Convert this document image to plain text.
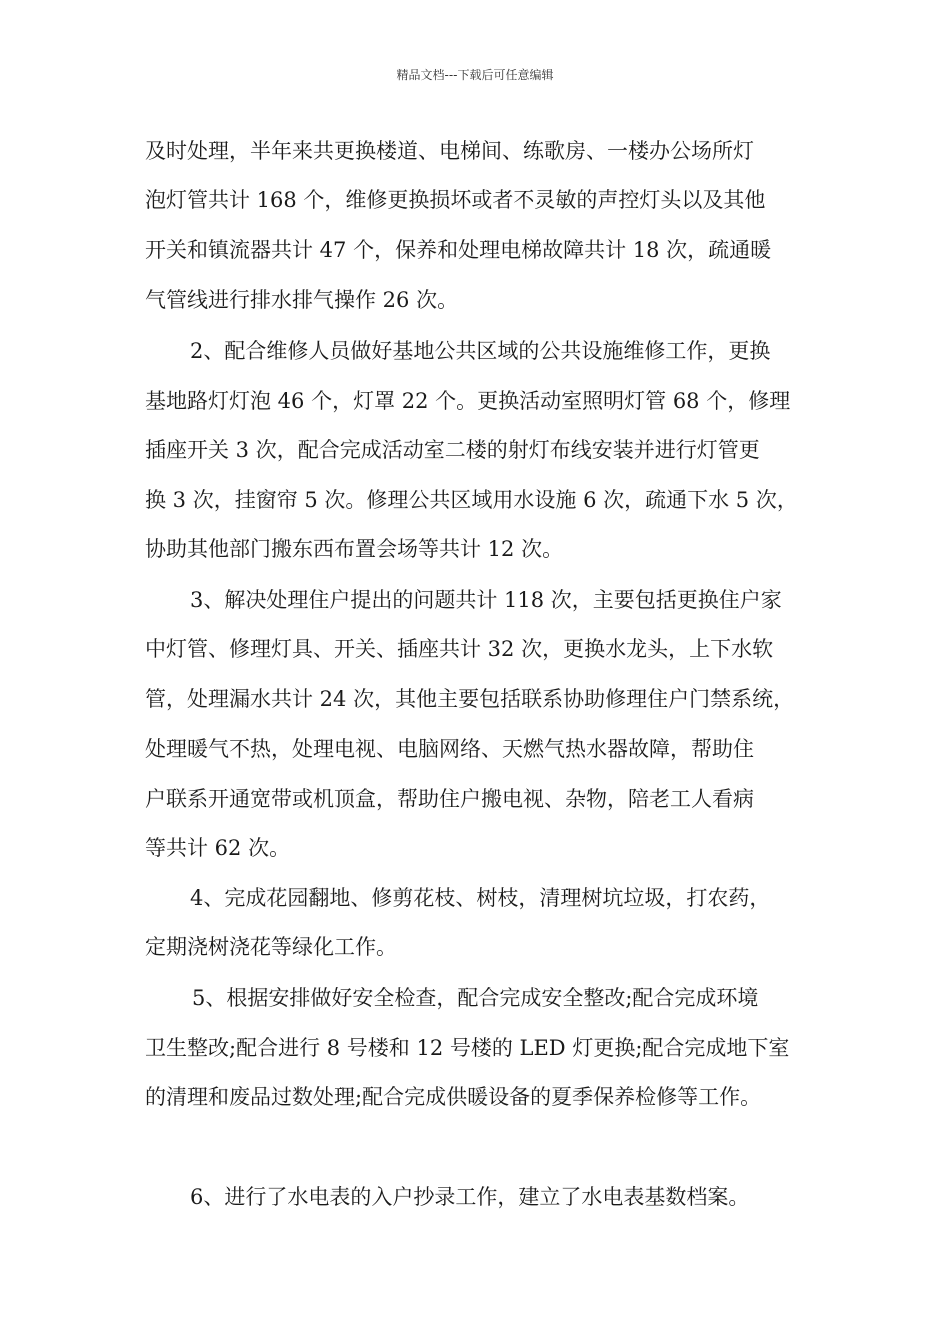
精品文档---下载后可任意编辑
及时处理，半年来共更换楼道、电梯间、练歌房、一楼办公场所灯
泡灯管共计 168 个，维修更换损坏或者不灵敏的声控灯头以及其他
开关和镇流器共计 47 个，保养和处理电梯故障共计 18 次，疏通暖
气管线进行排水排气操作 26 次。
2、配合维修人员做好基地公共区域的公共设施维修工作，更换
基地路灯灯泡 46 个，灯罩 22 个。更换活动室照明灯管 68 个，修理
插座开关 3 次，配合完成活动室二楼的射灯布线安装并进行灯管更
换 3 次，挂窗帘 5 次。修理公共区域用水设施 6 次，疏通下水 5 次，
协助其他部门搬东西布置会场等共计 12 次。
3、解决处理住户提出的问题共计 118 次，主要包括更换住户家
中灯管、修理灯具、开关、插座共计 32 次，更换水龙头，上下水软
管，处理漏水共计 24 次，其他主要包括联系协助修理住户门禁系统，
处理暖气不热，处理电视、电脑网络、天燃气热水器故障，帮助住
户联系开通宽带或机顶盒，帮助住户搬电视、杂物，陪老工人看病
等共计 62 次。
4、完成花园翻地、修剪花枝、树枝，清理树坑垃圾，打农药，
定期浇树浇花等绿化工作。
5、根据安排做好安全检查，配合完成安全整改;配合完成环境
卫生整改;配合进行 8 号楼和 12 号楼的 LED 灯更换;配合完成地下室
的清理和废品过数处理;配合完成供暖设备的夏季保养检修等工作。
6、进行了水电表的入户抄录工作，建立了水电表基数档案。
